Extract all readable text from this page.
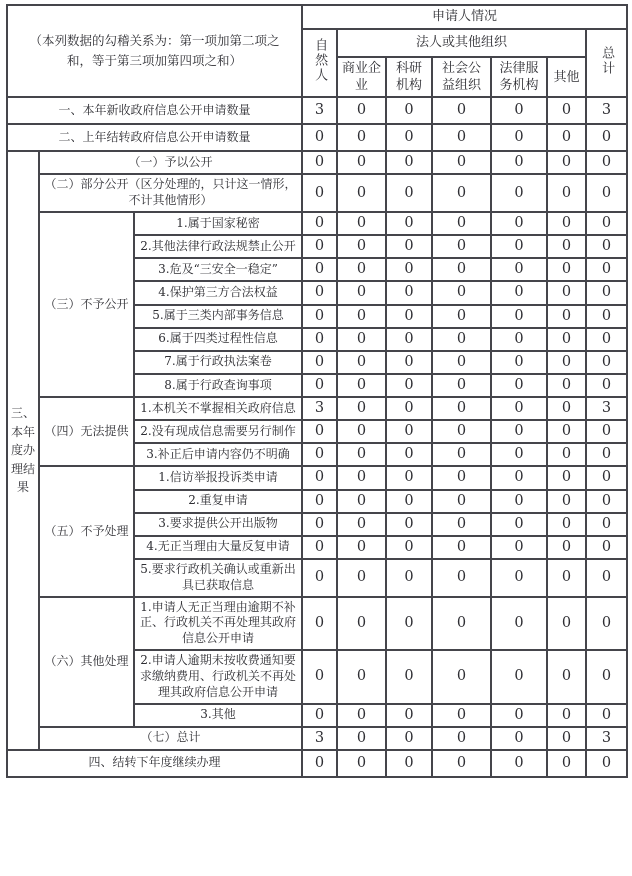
（本列数据的勾稽关系为：第一项加第二项之和，等于第三项加第四项之和）			申请人情况						
			自然人	法人或其他组织					总计
				商业企业	科研机构	社会公益组织	法律服务机构	其他	
一、本年新收政府信息公开申请数量			3	0	0	0	0	0	3
二、上年结转政府信息公开申请数量			0	0	0	0	0	0	0
三、本年度办理结果	（一）予以公开		0	0	0	0	0	0	0
	（二）部分公开（区分处理的，只计这一情形，不计其他情形）		0	0	0	0	0	0	0
	（三）不予公开	1.属于国家秘密	0	0	0	0	0	0	0
		2.其他法律行政法规禁止公开	0	0	0	0	0	0	0
		3.危及“三安全一稳定”	0	0	0	0	0	0	0
		4.保护第三方合法权益	0	0	0	0	0	0	0
		5.属于三类内部事务信息	0	0	0	0	0	0	0
		6.属于四类过程性信息	0	0	0	0	0	0	0
		7.属于行政执法案卷	0	0	0	0	0	0	0
		8.属于行政查询事项	0	0	0	0	0	0	0
	（四）无法提供	1.本机关不掌握相关政府信息	3	0	0	0	0	0	3
		2.没有现成信息需要另行制作	0	0	0	0	0	0	0
		3.补正后申请内容仍不明确	0	0	0	0	0	0	0
	（五）不予处理	1.信访举报投诉类申请	0	0	0	0	0	0	0
		2.重复申请	0	0	0	0	0	0	0
		3.要求提供公开出版物	0	0	0	0	0	0	0
		4.无正当理由大量反复申请	0	0	0	0	0	0	0
		5.要求行政机关确认或重新出具已获取信息	0	0	0	0	0	0	0
	（六）其他处理	1.申请人无正当理由逾期不补正、行政机关不再处理其政府信息公开申请	0	0	0	0	0	0	0
		2.申请人逾期未按收费通知要求缴纳费用、行政机关不再处理其政府信息公开申请	0	0	0	0	0	0	0
		3.其他	0	0	0	0	0	0	0
	（七）总计		3	0	0	0	0	0	3
四、结转下年度继续办理			0	0	0	0	0	0	0
